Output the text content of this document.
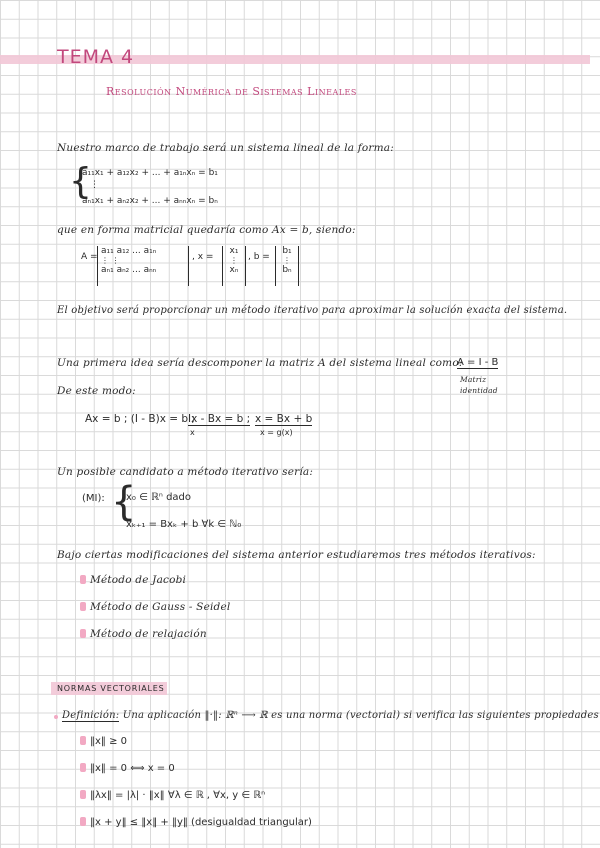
TEMA 4
Resolución Numérica de Sistemas Lineales
Nuestro marco de trabajo será un sistema lineal de la forma:
{
a₁₁x₁ + a₁₂x₂ + ... + a₁ₙxₙ = b₁
⋮
aₙ₁x₁ + aₙ₂x₂ + ... + aₙₙxₙ = bₙ
que en forma matricial quedaría como Ax = b, siendo:
A =
a₁₁ a₁₂ ... a₁ₙ
⋮ ⋮
aₙ₁ aₙ₂ ... aₙₙ
, x =
x₁
⋮
xₙ
, b =
b₁
⋮
bₙ
El objetivo será proporcionar un método iterativo para aproximar la solución exacta del sistema.
Una primera idea sería descomponer la matriz A del sistema lineal como:
A = I - B
Matriz
identidad
De este modo:
Ax = b ; (I - B)x = b ;
Ix - Bx = b ;
x
x = Bx + b
x = g(x)
Un posible candidato a método iterativo sería:
(MI): {
x₀ ∈ ℝⁿ dado
xₖ₊₁ = Bxₖ + b ∀k ∈ ℕ₀
Bajo ciertas modificaciones del sistema anterior estudiaremos tres métodos iterativos:
Método de Jacobi
Método de Gauss - Seidel
Método de relajación
NORMAS VECTORIALES
Definición: Una aplicación ‖·‖: ℝⁿ ⟶ ℝ es una norma (vectorial) si verifica las siguientes propiedades
‖x‖ ≥ 0
‖x‖ = 0 ⟺ x = 0
‖λx‖ = |λ| · ‖x‖ ∀λ ∈ ℝ , ∀x, y ∈ ℝⁿ
‖x + y‖ ≤ ‖x‖ + ‖y‖ (desigualdad triangular)
